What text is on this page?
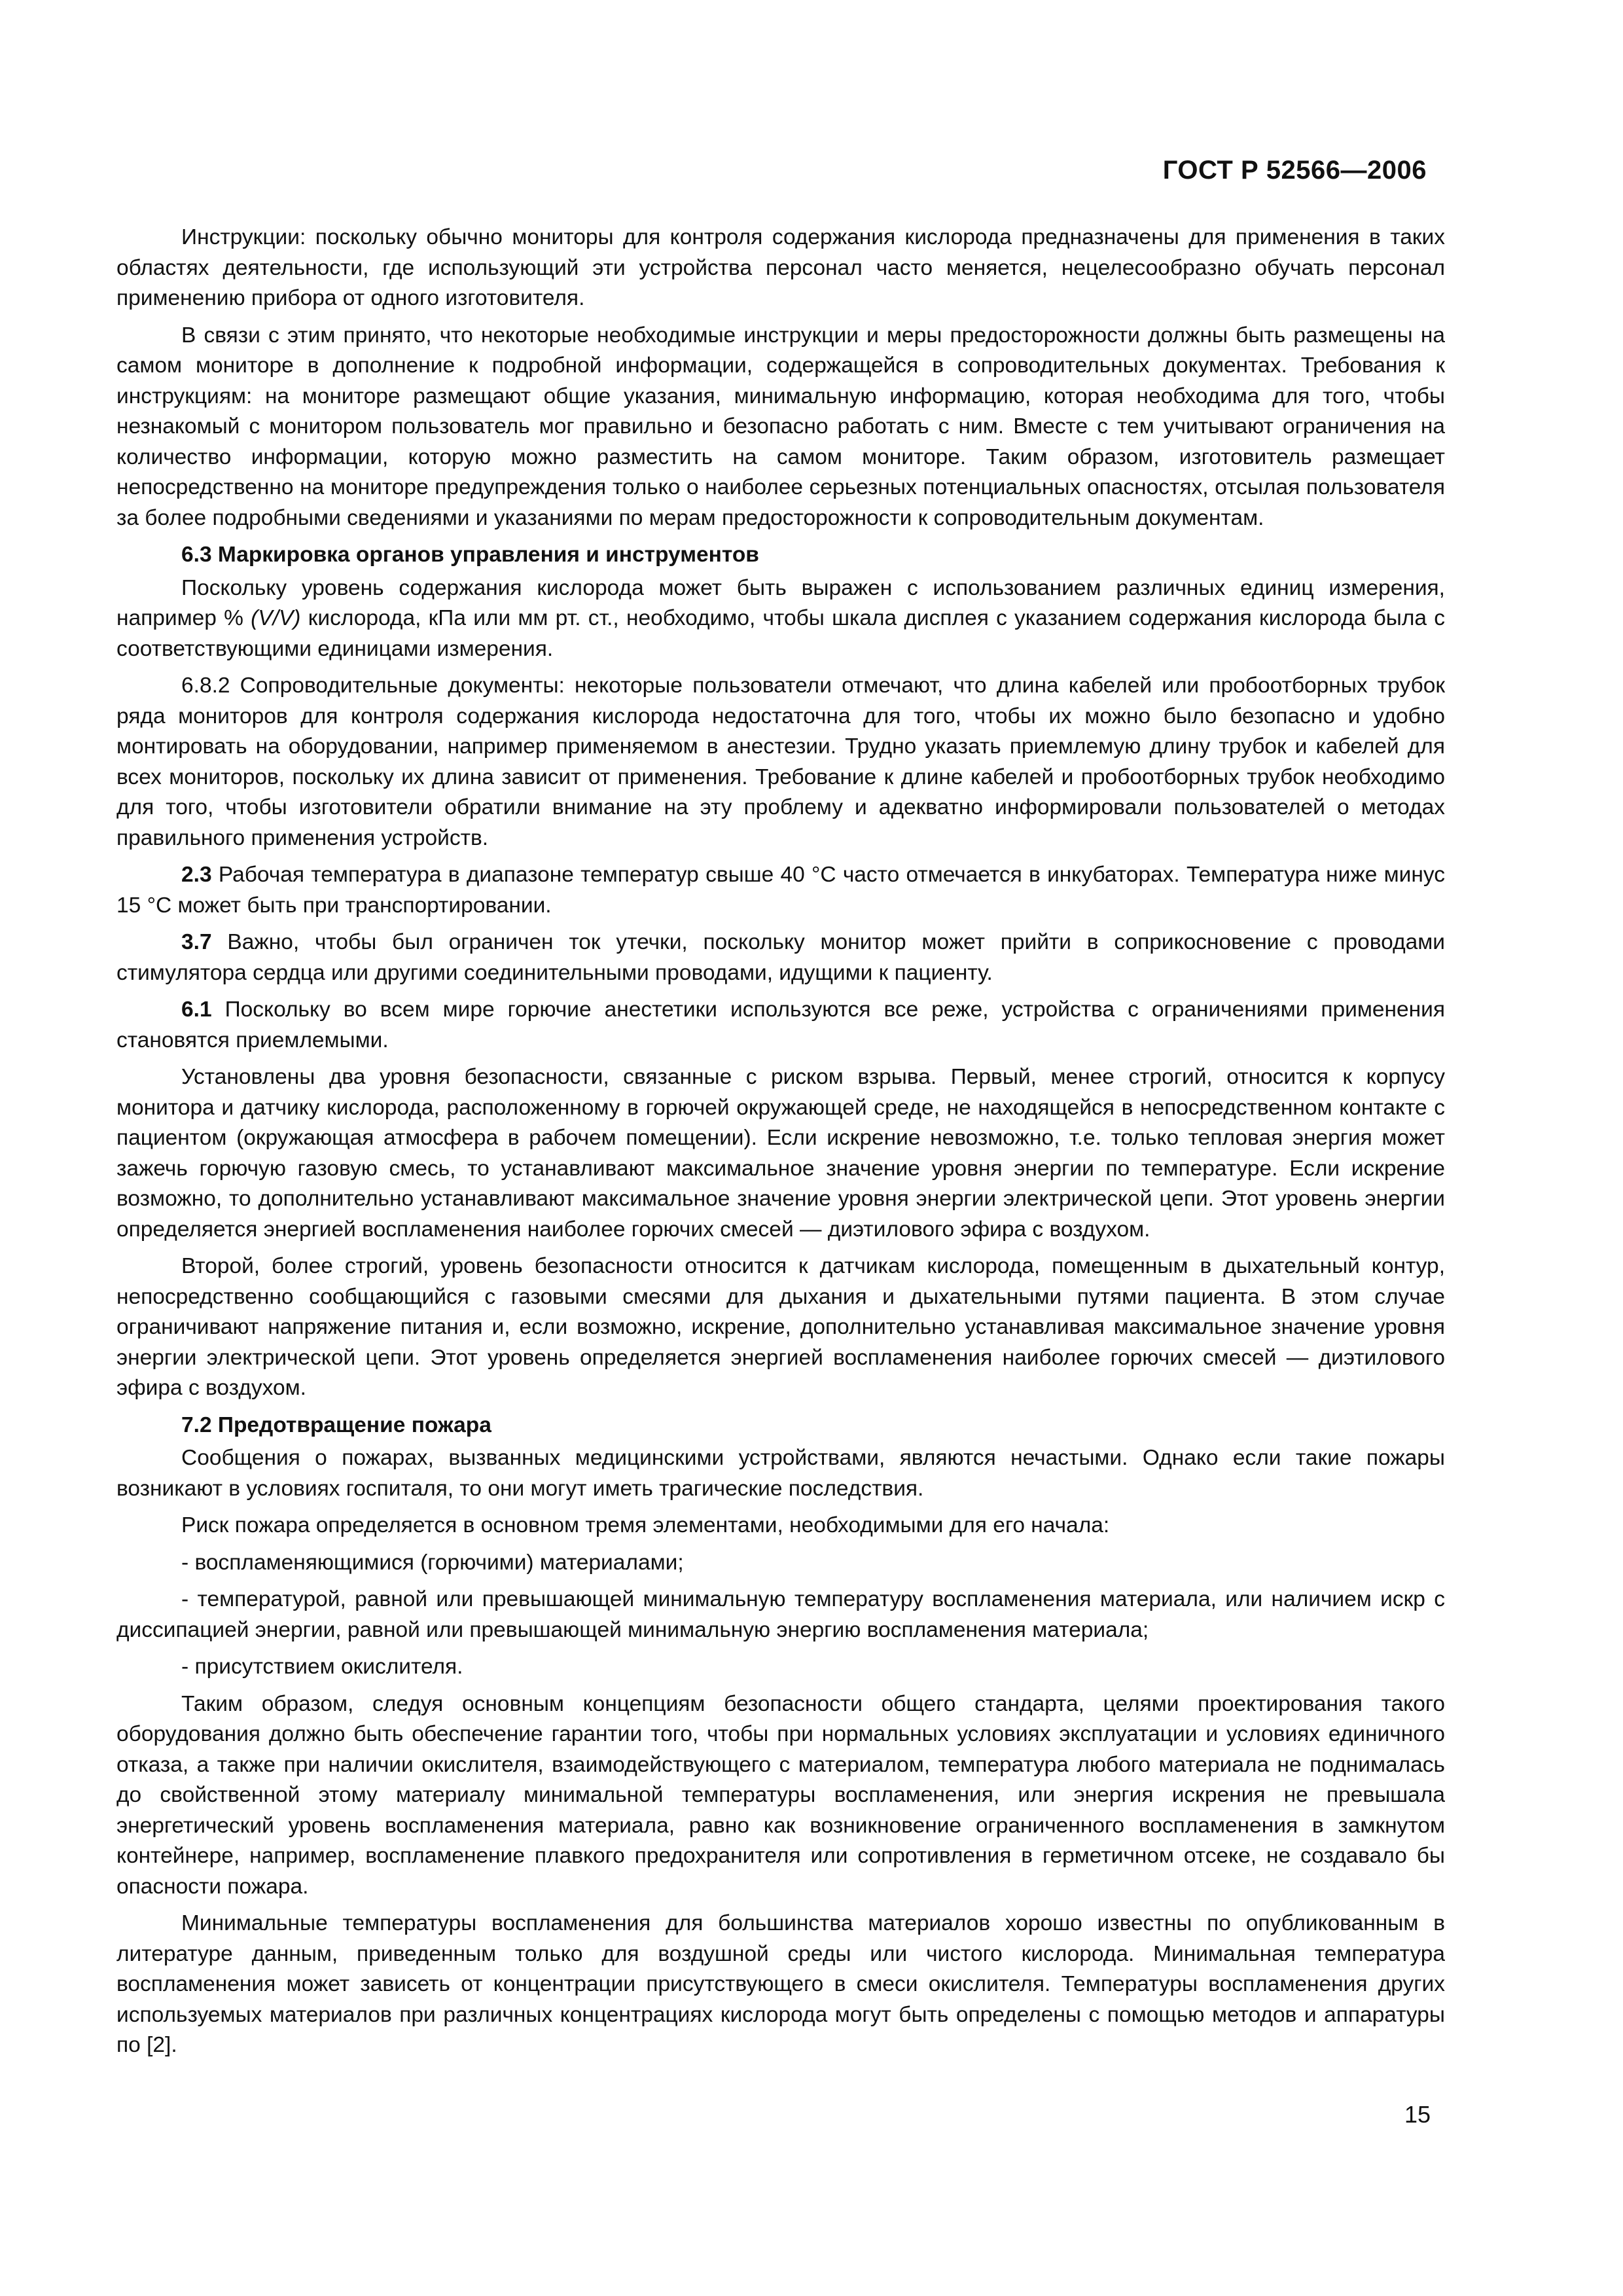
ГОСТ Р 52566—2006

Инструкции: поскольку обычно мониторы для контроля содержания кислорода предназначены для применения в таких областях деятельности, где использующий эти устройства персонал часто меняется, нецелесообразно обучать персонал применению прибора от одного изготовителя.

В связи с этим принято, что некоторые необходимые инструкции и меры предосторожности должны быть размещены на самом мониторе в дополнение к подробной информации, содержащейся в сопроводительных документах. Требования к инструкциям: на мониторе размещают общие указания, минимальную информацию, которая необходима для того, чтобы незнакомый с монитором пользователь мог правильно и безопасно работать с ним. Вместе с тем учитывают ограничения на количество информации, которую можно разместить на самом мониторе. Таким образом, изготовитель размещает непосредственно на мониторе предупреждения только о наиболее серьезных потенциальных опасностях, отсылая пользователя за более подробными сведениями и указаниями по мерам предосторожности к сопроводительным документам.

6.3 Маркировка органов управления и инструментов

Поскольку уровень содержания кислорода может быть выражен с использованием различных единиц измерения, например % (V/V) кислорода, кПа или мм рт. ст., необходимо, чтобы шкала дисплея с указанием содержания кислорода была с соответствующими единицами измерения.

6.8.2 Сопроводительные документы: некоторые пользователи отмечают, что длина кабелей или пробоотборных трубок ряда мониторов для контроля содержания кислорода недостаточна для того, чтобы их можно было безопасно и удобно монтировать на оборудовании, например применяемом в анестезии. Трудно указать приемлемую длину трубок и кабелей для всех мониторов, поскольку их длина зависит от применения. Требование к длине кабелей и пробоотборных трубок необходимо для того, чтобы изготовители обратили внимание на эту проблему и адекватно информировали пользователей о методах правильного применения устройств.

2.3 Рабочая температура в диапазоне температур свыше 40 °С часто отмечается в инкубаторах. Температура ниже минус 15 °С может быть при транспортировании.

3.7 Важно, чтобы был ограничен ток утечки, поскольку монитор может прийти в соприкосновение с проводами стимулятора сердца или другими соединительными проводами, идущими к пациенту.

6.1 Поскольку во всем мире горючие анестетики используются все реже, устройства с ограничениями применения становятся приемлемыми.

Установлены два уровня безопасности, связанные с риском взрыва. Первый, менее строгий, относится к корпусу монитора и датчику кислорода, расположенному в горючей окружающей среде, не находящейся в непосредственном контакте с пациентом (окружающая атмосфера в рабочем помещении). Если искрение невозможно, т.е. только тепловая энергия может зажечь горючую газовую смесь, то устанавливают максимальное значение уровня энергии по температуре. Если искрение возможно, то дополнительно устанавливают максимальное значение уровня энергии электрической цепи. Этот уровень энергии определяется энергией воспламенения наиболее горючих смесей — диэтилового эфира с воздухом.

Второй, более строгий, уровень безопасности относится к датчикам кислорода, помещенным в дыхательный контур, непосредственно сообщающийся с газовыми смесями для дыхания и дыхательными путями пациента. В этом случае ограничивают напряжение питания и, если возможно, искрение, дополнительно устанавливая максимальное значение уровня энергии электрической цепи. Этот уровень определяется энергией воспламенения наиболее горючих смесей — диэтилового эфира с воздухом.

7.2 Предотвращение пожара

Сообщения о пожарах, вызванных медицинскими устройствами, являются нечастыми. Однако если такие пожары возникают в условиях госпиталя, то они могут иметь трагические последствия.

Риск пожара определяется в основном тремя элементами, необходимыми для его начала:

- воспламеняющимися (горючими) материалами;

- температурой, равной или превышающей минимальную температуру воспламенения материала, или наличием искр с диссипацией энергии, равной или превышающей минимальную энергию воспламенения материала;

- присутствием окислителя.

Таким образом, следуя основным концепциям безопасности общего стандарта, целями проектирования такого оборудования должно быть обеспечение гарантии того, чтобы при нормальных условиях эксплуатации и условиях единичного отказа, а также при наличии окислителя, взаимодействующего с материалом, температура любого материала не поднималась до свойственной этому материалу минимальной температуры воспламенения, или энергия искрения не превышала энергетический уровень воспламенения материала, равно как возникновение ограниченного воспламенения в замкнутом контейнере, например, воспламенение плавкого предохранителя или сопротивления в герметичном отсеке, не создавало бы опасности пожара.

Минимальные температуры воспламенения для большинства материалов хорошо известны по опубликованным в литературе данным, приведенным только для воздушной среды или чистого кислорода. Минимальная температура воспламенения может зависеть от концентрации присутствующего в смеси окислителя. Температуры воспламенения других используемых материалов при различных концентрациях кислорода могут быть определены с помощью методов и аппаратуры по [2].

15
